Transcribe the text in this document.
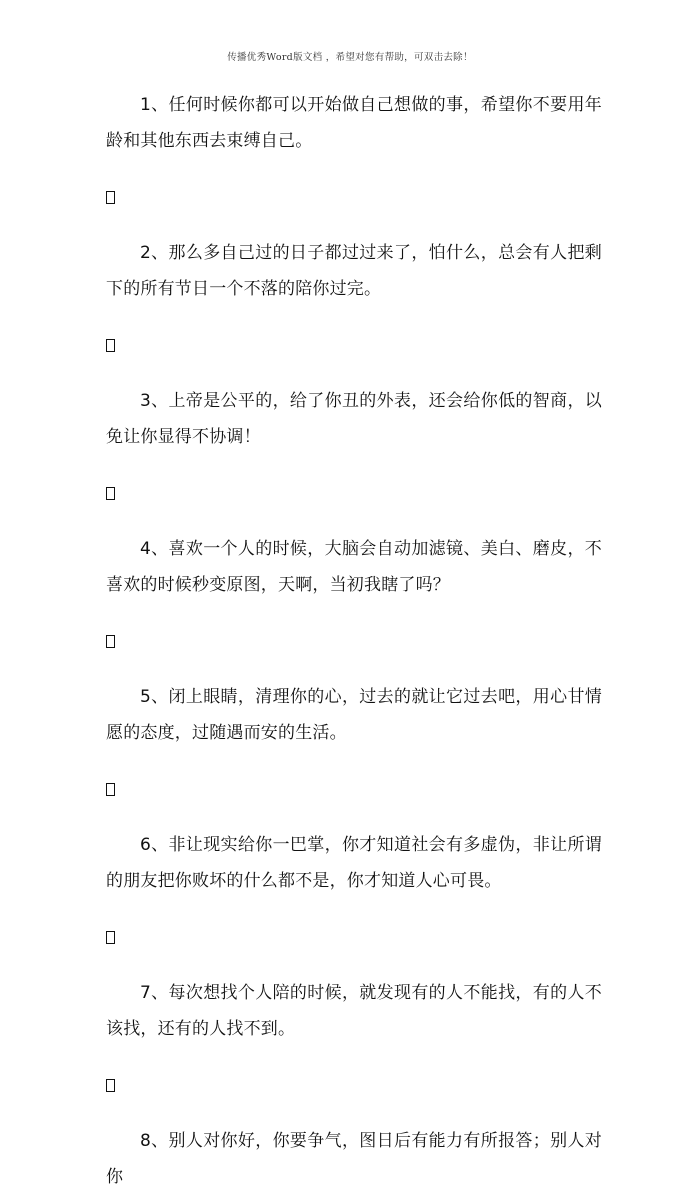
传播优秀Word版文档 ，希望对您有帮助，可双击去除！

1、任何时候你都可以开始做自己想做的事，希望你不要用年龄和其他东西去束缚自己。

2、那么多自己过的日子都过过来了，怕什么，总会有人把剩下的所有节日一个不落的陪你过完。

3、上帝是公平的，给了你丑的外表，还会给你低的智商，以免让你显得不协调！

4、喜欢一个人的时候，大脑会自动加滤镜、美白、磨皮，不喜欢的时候秒变原图，天啊，当初我瞎了吗？

5、闭上眼睛，清理你的心，过去的就让它过去吧，用心甘情愿的态度，过随遇而安的生活。

6、非让现实给你一巴掌，你才知道社会有多虚伪，非让所谓的朋友把你败坏的什么都不是，你才知道人心可畏。

7、每次想找个人陪的时候，就发现有的人不能找，有的人不该找，还有的人找不到。

8、别人对你好，你要争气，图日后有能力有所报答；别人对你
